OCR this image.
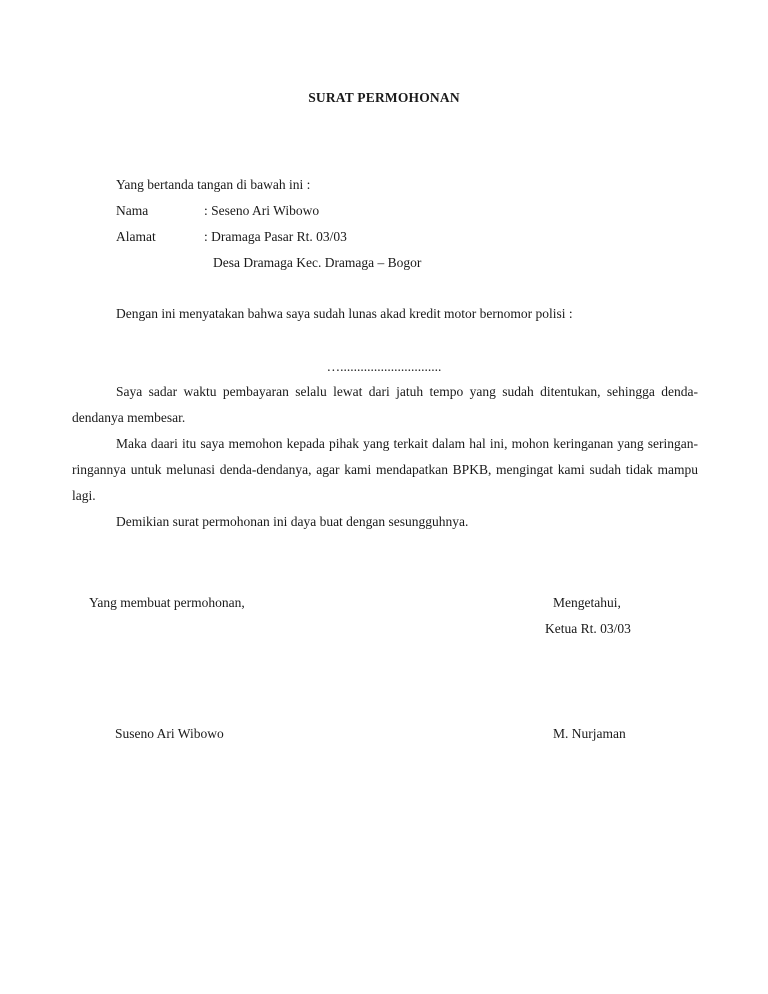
SURAT PERMOHONAN
Yang bertanda tangan di bawah ini :
Nama	: Seseno Ari Wibowo
Alamat	: Dramaga Pasar Rt. 03/03
Desa Dramaga Kec. Dramaga – Bogor
Dengan ini menyatakan bahwa saya sudah lunas akad kredit motor bernomor polisi :
…..............................
Saya sadar waktu pembayaran selalu lewat dari jatuh tempo yang sudah ditentukan, sehingga denda-dendanya membesar.
Maka daari itu saya memohon kepada pihak yang terkait dalam hal ini, mohon keringanan yang seringan-ringannya untuk melunasi denda-dendanya, agar kami mendapatkan BPKB, mengingat kami sudah tidak mampu lagi.
Demikian surat permohonan ini daya buat dengan sesungguhnya.
Yang membuat permohonan,	Mengetahui,
Ketua Rt. 03/03
Suseno Ari Wibowo	M. Nurjaman
